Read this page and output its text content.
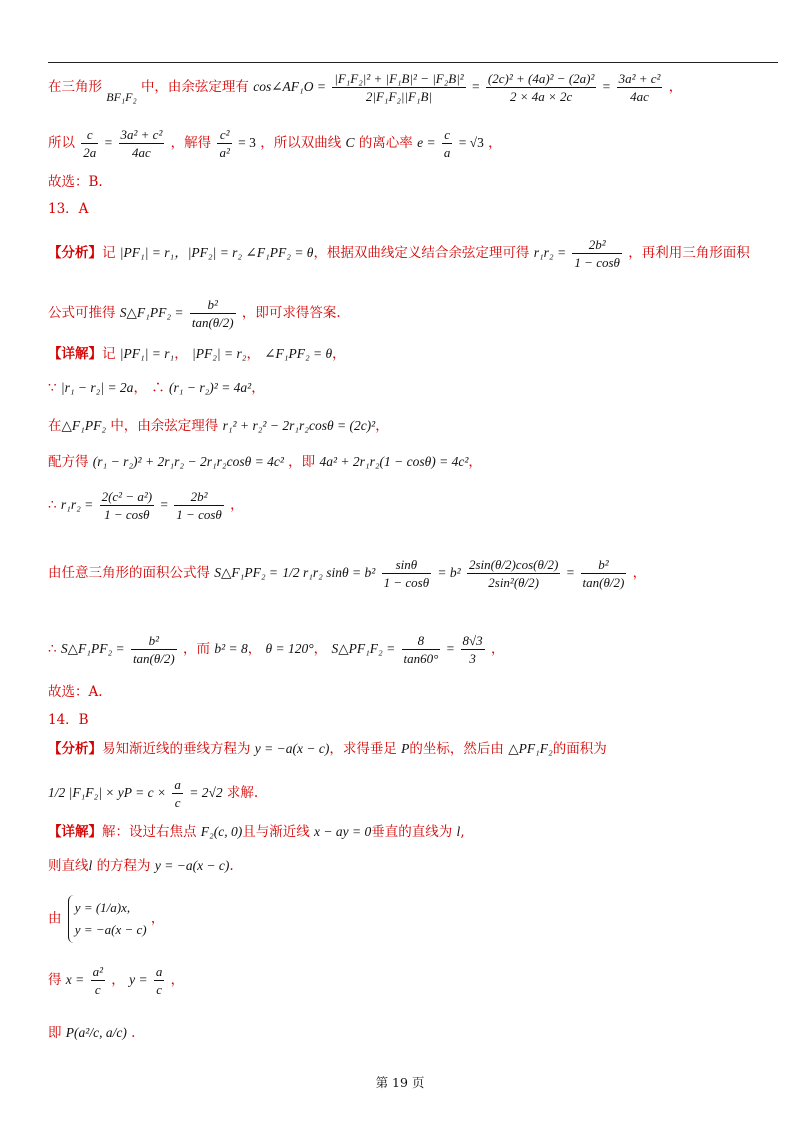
在三角形 BF₁F₂ 中，由余弦定理有 cos∠AF₁O = $\frac{\text{|F₁F₂|² + |F₁B|² − |F₂B|²}}{\text{2|F₁F₂||F₁B|}} = \frac{\text{(2c)² + (4a)² − (2a)²}}{2 \times 4a \times 2c} = \frac{\text{3a² + c²}}{4ac}$ ，
所以 $\frac{c}{2a} = \frac{\text{3a² + c²}}{4ac}$ ，解得 $\frac{\text{c²}}{\text{a²}} = 3$ ，所以双曲线 C 的离心率 $e = \frac{c}{a} = √3$ ，
故选：B.
13．A
【分析】记 |PF₁| = r₁，|PF₂| = r₂ ∠F₁PF₂ = θ，根据双曲线定义结合余弦定理可得 $r_1r_2 = \frac{\text{2b²}}{1 - \cos\theta}$ ，再利用三角形面积
公式可推得 S△F₁PF₂ = $\frac{\text{b²}}{\tan(\theta/2)}$ ，即可求得答案.
【详解】记 |PF₁| = r₁， |PF₂| = r₂， ∠F₁PF₂ = θ，
∵ |r₁ − r₂| = 2a， ∴ (r₁ − r₂)² = 4a²，
在△F₁PF₂ 中，由余弦定理得 r₁² + r₂² − 2r₁r₂cosθ = (2c)²，
配方得 (r₁ − r₂)² + 2r₁r₂ − 2r₁r₂cosθ = 4c² ，即 4a² + 2r₁r₂(1 − cosθ) = 4c²，
∴ $r_1r_2 = \frac{\text{2(c² − a²)}}{1 - \cos\theta} = \frac{\text{2b²}}{1 - \cos\theta}$ ，
由任意三角形的面积公式得 S△F₁PF₂ = 1/2 r₁r₂ $\sin\theta = b^2 \frac{\sin\theta}{1 - \cos\theta} = b^2 \frac{2\sin(\theta/2)\cos(\theta/2)}{\text{2sin²(θ/2)}} = \frac{\text{b²}}{\tan(\theta/2)}$ ，
∴ S△F₁PF₂ = $\frac{\text{b²}}{\tan(\theta/2)}$ ，而 b² = 8， θ = 120°， S△PF₁F₂ = $\frac{8}{\tan 60^\circ} = \frac{8√3}{3}$ ，
故选：A.
14．B
【分析】易知渐近线的垂线方程为 y = −a(x − c)，求得垂足 P的坐标，然后由 △PF₁F₂的面积为
1/2 |F₁F₂| × yP = $c \times \frac{a}{c} = 2√2$ 求解.
【详解】解：设过右焦点 F₂(c, 0)且与渐近线 x − ay = 0垂直的直线为 l,
则直线l 的方程为 y = −a(x − c).
由
y = (1/a)x,
y = −a(x − c)
，
得 $x = \frac{\text{a²}}{c}$ ， $y = \frac{a}{c}$ ，
即 P(a²/c, a/c) .
第 19 页
